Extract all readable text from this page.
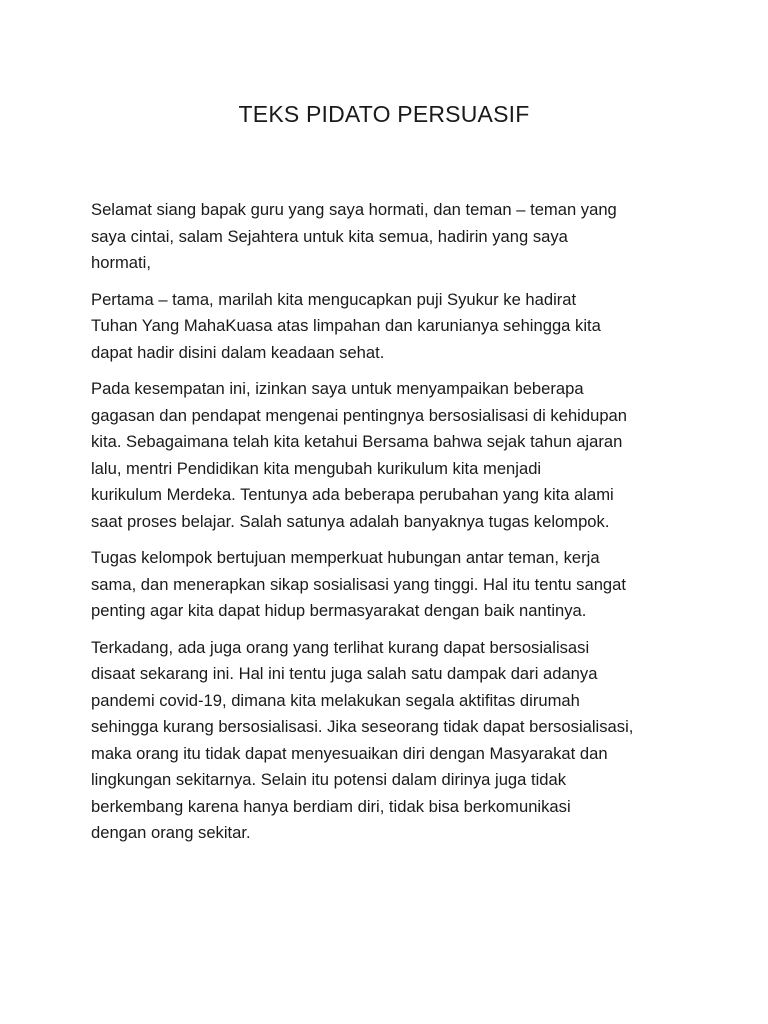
TEKS PIDATO PERSUASIF

Selamat siang bapak guru yang saya hormati, dan teman – teman yang
saya cintai, salam Sejahtera untuk kita semua, hadirin yang saya
hormati,

Pertama – tama, marilah kita mengucapkan puji Syukur ke hadirat
Tuhan Yang MahaKuasa atas limpahan dan karunianya sehingga kita
dapat hadir disini dalam keadaan sehat.

Pada kesempatan ini, izinkan saya untuk menyampaikan beberapa
gagasan dan pendapat mengenai pentingnya bersosialisasi di kehidupan
kita. Sebagaimana telah kita ketahui Bersama bahwa sejak tahun ajaran
lalu, mentri Pendidikan kita mengubah kurikulum kita menjadi
kurikulum Merdeka. Tentunya ada beberapa perubahan yang kita alami
saat proses belajar. Salah satunya adalah banyaknya tugas kelompok.

Tugas kelompok bertujuan memperkuat hubungan antar teman, kerja
sama, dan menerapkan sikap sosialisasi yang tinggi. Hal itu tentu sangat
penting agar kita dapat hidup bermasyarakat dengan baik nantinya.

Terkadang, ada juga orang yang terlihat kurang dapat bersosialisasi
disaat sekarang ini. Hal ini tentu juga salah satu dampak dari adanya
pandemi covid-19, dimana kita melakukan segala aktifitas dirumah
sehingga kurang bersosialisasi. Jika seseorang tidak dapat bersosialisasi,
maka orang itu tidak dapat menyesuaikan diri dengan Masyarakat dan
lingkungan sekitarnya. Selain itu potensi dalam dirinya juga tidak
berkembang karena hanya berdiam diri, tidak bisa berkomunikasi
dengan orang sekitar.
